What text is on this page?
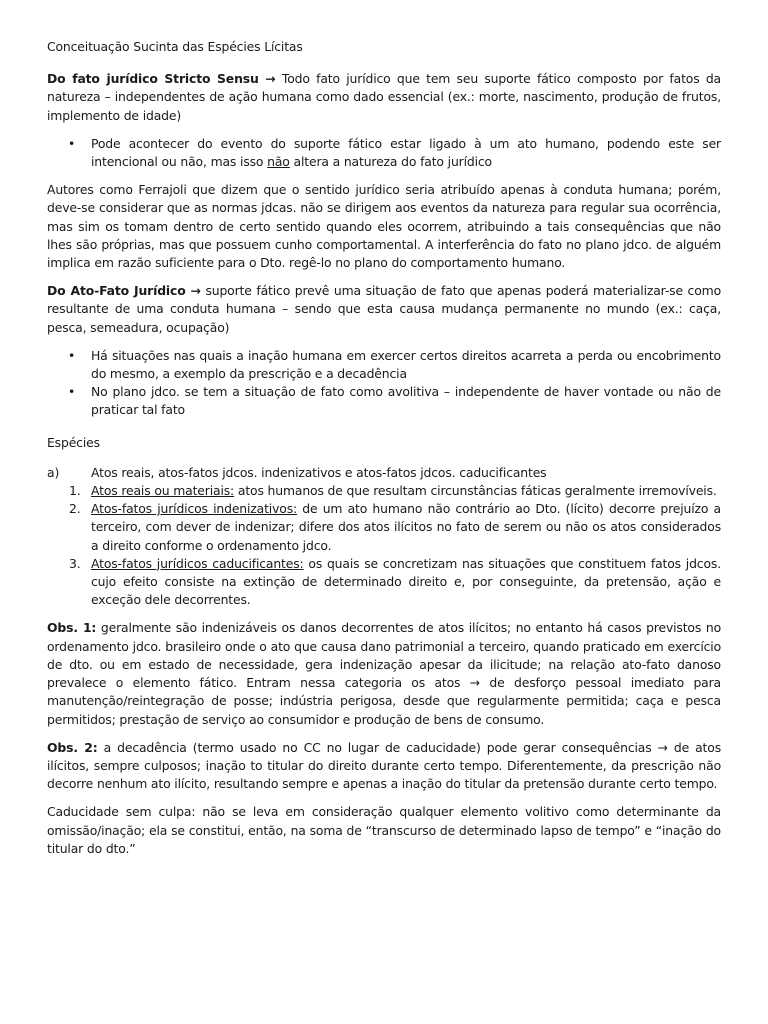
Conceituação Sucinta das Espécies Lícitas

Do fato jurídico Stricto Sensu → Todo fato jurídico que tem seu suporte fático composto por fatos da natureza – independentes de ação humana como dado essencial (ex.: morte, nascimento, produção de frutos, implemento de idade)

• Pode acontecer do evento do suporte fático estar ligado à um ato humano, podendo este ser intencional ou não, mas isso não altera a natureza do fato jurídico

Autores como Ferrajoli que dizem que o sentido jurídico seria atribuído apenas à conduta humana; porém, deve-se considerar que as normas jdcas. não se dirigem aos eventos da natureza para regular sua ocorrência, mas sim os tomam dentro de certo sentido quando eles ocorrem, atribuindo a tais consequências que não lhes são próprias, mas que possuem cunho comportamental. A interferência do fato no plano jdco. de alguém implica em razão suficiente para o Dto. regê-lo no plano do comportamento humano.

Do Ato-Fato Jurídico → suporte fático prevê uma situação de fato que apenas poderá materializar-se como resultante de uma conduta humana – sendo que esta causa mudança permanente no mundo (ex.: caça, pesca, semeadura, ocupação)

• Há situações nas quais a inação humana em exercer certos direitos acarreta a perda ou encobrimento do mesmo, a exemplo da prescrição e a decadência
• No plano jdco. se tem a situação de fato como avolitiva – independente de haver vontade ou não de praticar tal fato

Espécies

a)	Atos reais, atos-fatos jdcos. indenizativos e atos-fatos jdcos. caducificantes
1. Atos reais ou materiais: atos humanos de que resultam circunstâncias fáticas geralmente irremovíveis.
2. Atos-fatos jurídicos indenizativos: de um ato humano não contrário ao Dto. (lícito) decorre prejuízo a terceiro, com dever de indenizar; difere dos atos ilícitos no fato de serem ou não os atos considerados a direito conforme o ordenamento jdco.
3. Atos-fatos jurídicos caducificantes: os quais se concretizam nas situações que constituem fatos jdcos. cujo efeito consiste na extinção de determinado direito e, por conseguinte, da pretensão, ação e exceção dele decorrentes.

Obs. 1: geralmente são indenizáveis os danos decorrentes de atos ilícitos; no entanto há casos previstos no ordenamento jdco. brasileiro onde o ato que causa dano patrimonial a terceiro, quando praticado em exercício de dto. ou em estado de necessidade, gera indenização apesar da ilicitude; na relação ato-fato danoso prevalece o elemento fático. Entram nessa categoria os atos → de desforço pessoal imediato para manutenção/reintegração de posse; indústria perigosa, desde que regularmente permitida; caça e pesca permitidos; prestação de serviço ao consumidor e produção de bens de consumo.

Obs. 2: a decadência (termo usado no CC no lugar de caducidade) pode gerar consequências → de atos ilícitos, sempre culposos; inação to titular do direito durante certo tempo. Diferentemente, da prescrição não decorre nenhum ato ilícito, resultando sempre e apenas a inação do titular da pretensão durante certo tempo.

Caducidade sem culpa: não se leva em consideração qualquer elemento volitivo como determinante da omissão/inação; ela se constitui, então, na soma de “transcurso de determinado lapso de tempo” e “inação do titular do dto.”
